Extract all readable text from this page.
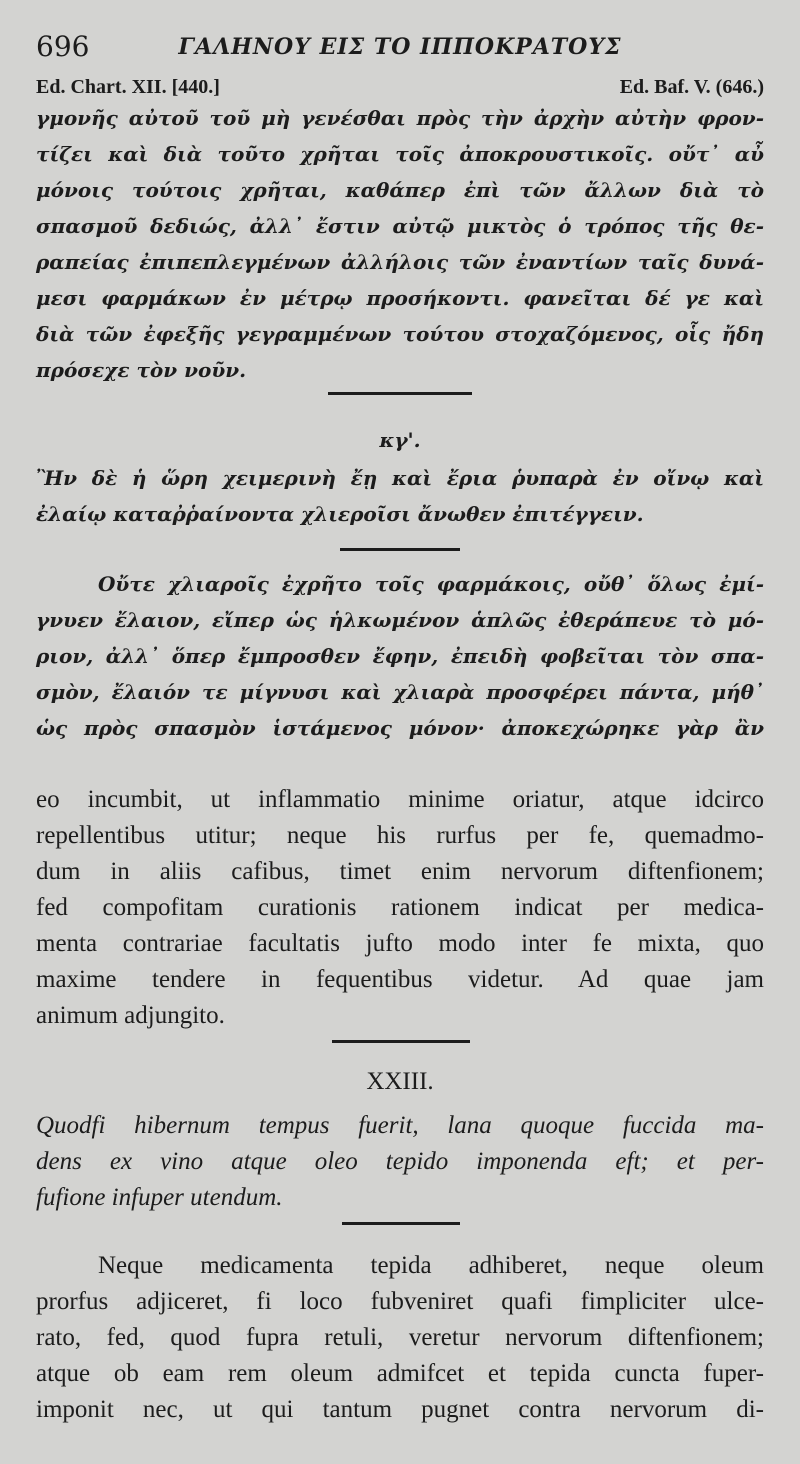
696	ΓΑΛΗΝΟΥ ΕΙΣ ΤΟ ΙΠΠΟΚΡΑΤΟΥΣ
Ed. Chart. XII. [440.]	Ed. Baf. V. (646.)
γμονῆς αὐτοῦ τοῦ μὴ γενέσθαι πρὸς τὴν ἀρχὴν αὐτὴν φρον-
τίζει καὶ διὰ τοῦτο χρῆται τοῖς ἀποκρουστικοῖς. οὔτ᾽ αὖ
μόνοις τούτοις χρῆται, καθάπερ ἐπὶ τῶν ἄλλων διὰ τὸ
σπασμοῦ δεδιώς, ἀλλ᾽ ἔστιν αὐτῷ μικτὸς ὁ τρόπος τῆς θε-
ραπείας ἐπιπεπλεγμένων ἀλλήλοις τῶν ἐναντίων ταῖς δυνά-
μεσι φαρμάκων ἐν μέτρῳ προσήκοντι. φανεῖται δέ γε καὶ
διὰ τῶν ἐφεξῆς γεγραμμένων τούτου στοχαζόμενος, οἷς ἤδη
πρόσεχε τὸν νοῦν.
κγ'.
Ἢν δὲ ἡ ὥρη χειμερινὴ ἔῃ καὶ ἔρια ῥυπαρὰ ἐν οἴνῳ καὶ
ἐλαίῳ καταῤῥαίνοντα χλιεροῖσι ἄνωθεν ἐπιτέγγειν.
Οὔτε χλιαροῖς ἐχρῆτο τοῖς φαρμάκοις, οὔθ᾽ ὅλως ἐμί-
γνυεν ἔλαιον, εἴπερ ὡς ἡλκωμένον ἁπλῶς ἐθεράπευε τὸ μό-
ριον, ἀλλ᾽ ὅπερ ἔμπροσθεν ἔφην, ἐπειδὴ φοβεῖται τὸν σπα-
σμὸν, ἔλαιόν τε μίγνυσι καὶ χλιαρὰ προσφέρει πάντα, μήθ᾽
ὡς πρὸς σπασμὸν ἱστάμενος μόνον· ἀποκεχώρηκε γὰρ ἂν
eo incumbit, ut inflammatio minime oriatur, atque idcirco
repellentibus utitur; neque his rurfus per fe, quemadmo-
dum in aliis cafibus, timet enim nervorum diftenfionem;
fed compofitam curationis rationem indicat per medica-
menta contrariae facultatis jufto modo inter fe mixta, quo
maxime tendere in fequentibus videtur. Ad quae jam
animum adjungito.
XXIII.
Quodfi hibernum tempus fuerit, lana quoque fuccida ma-
dens ex vino atque oleo tepido imponenda eft; et per-
fufione infuper utendum.
Neque medicamenta tepida adhiberet, neque oleum
prorfus adjiceret, fi loco fubveniret quafi fimpliciter ulce-
rato, fed, quod fupra retuli, veretur nervorum diftenfionem;
atque ob eam rem oleum admifcet et tepida cuncta fuper-
imponit nec, ut qui tantum pugnet contra nervorum di-
